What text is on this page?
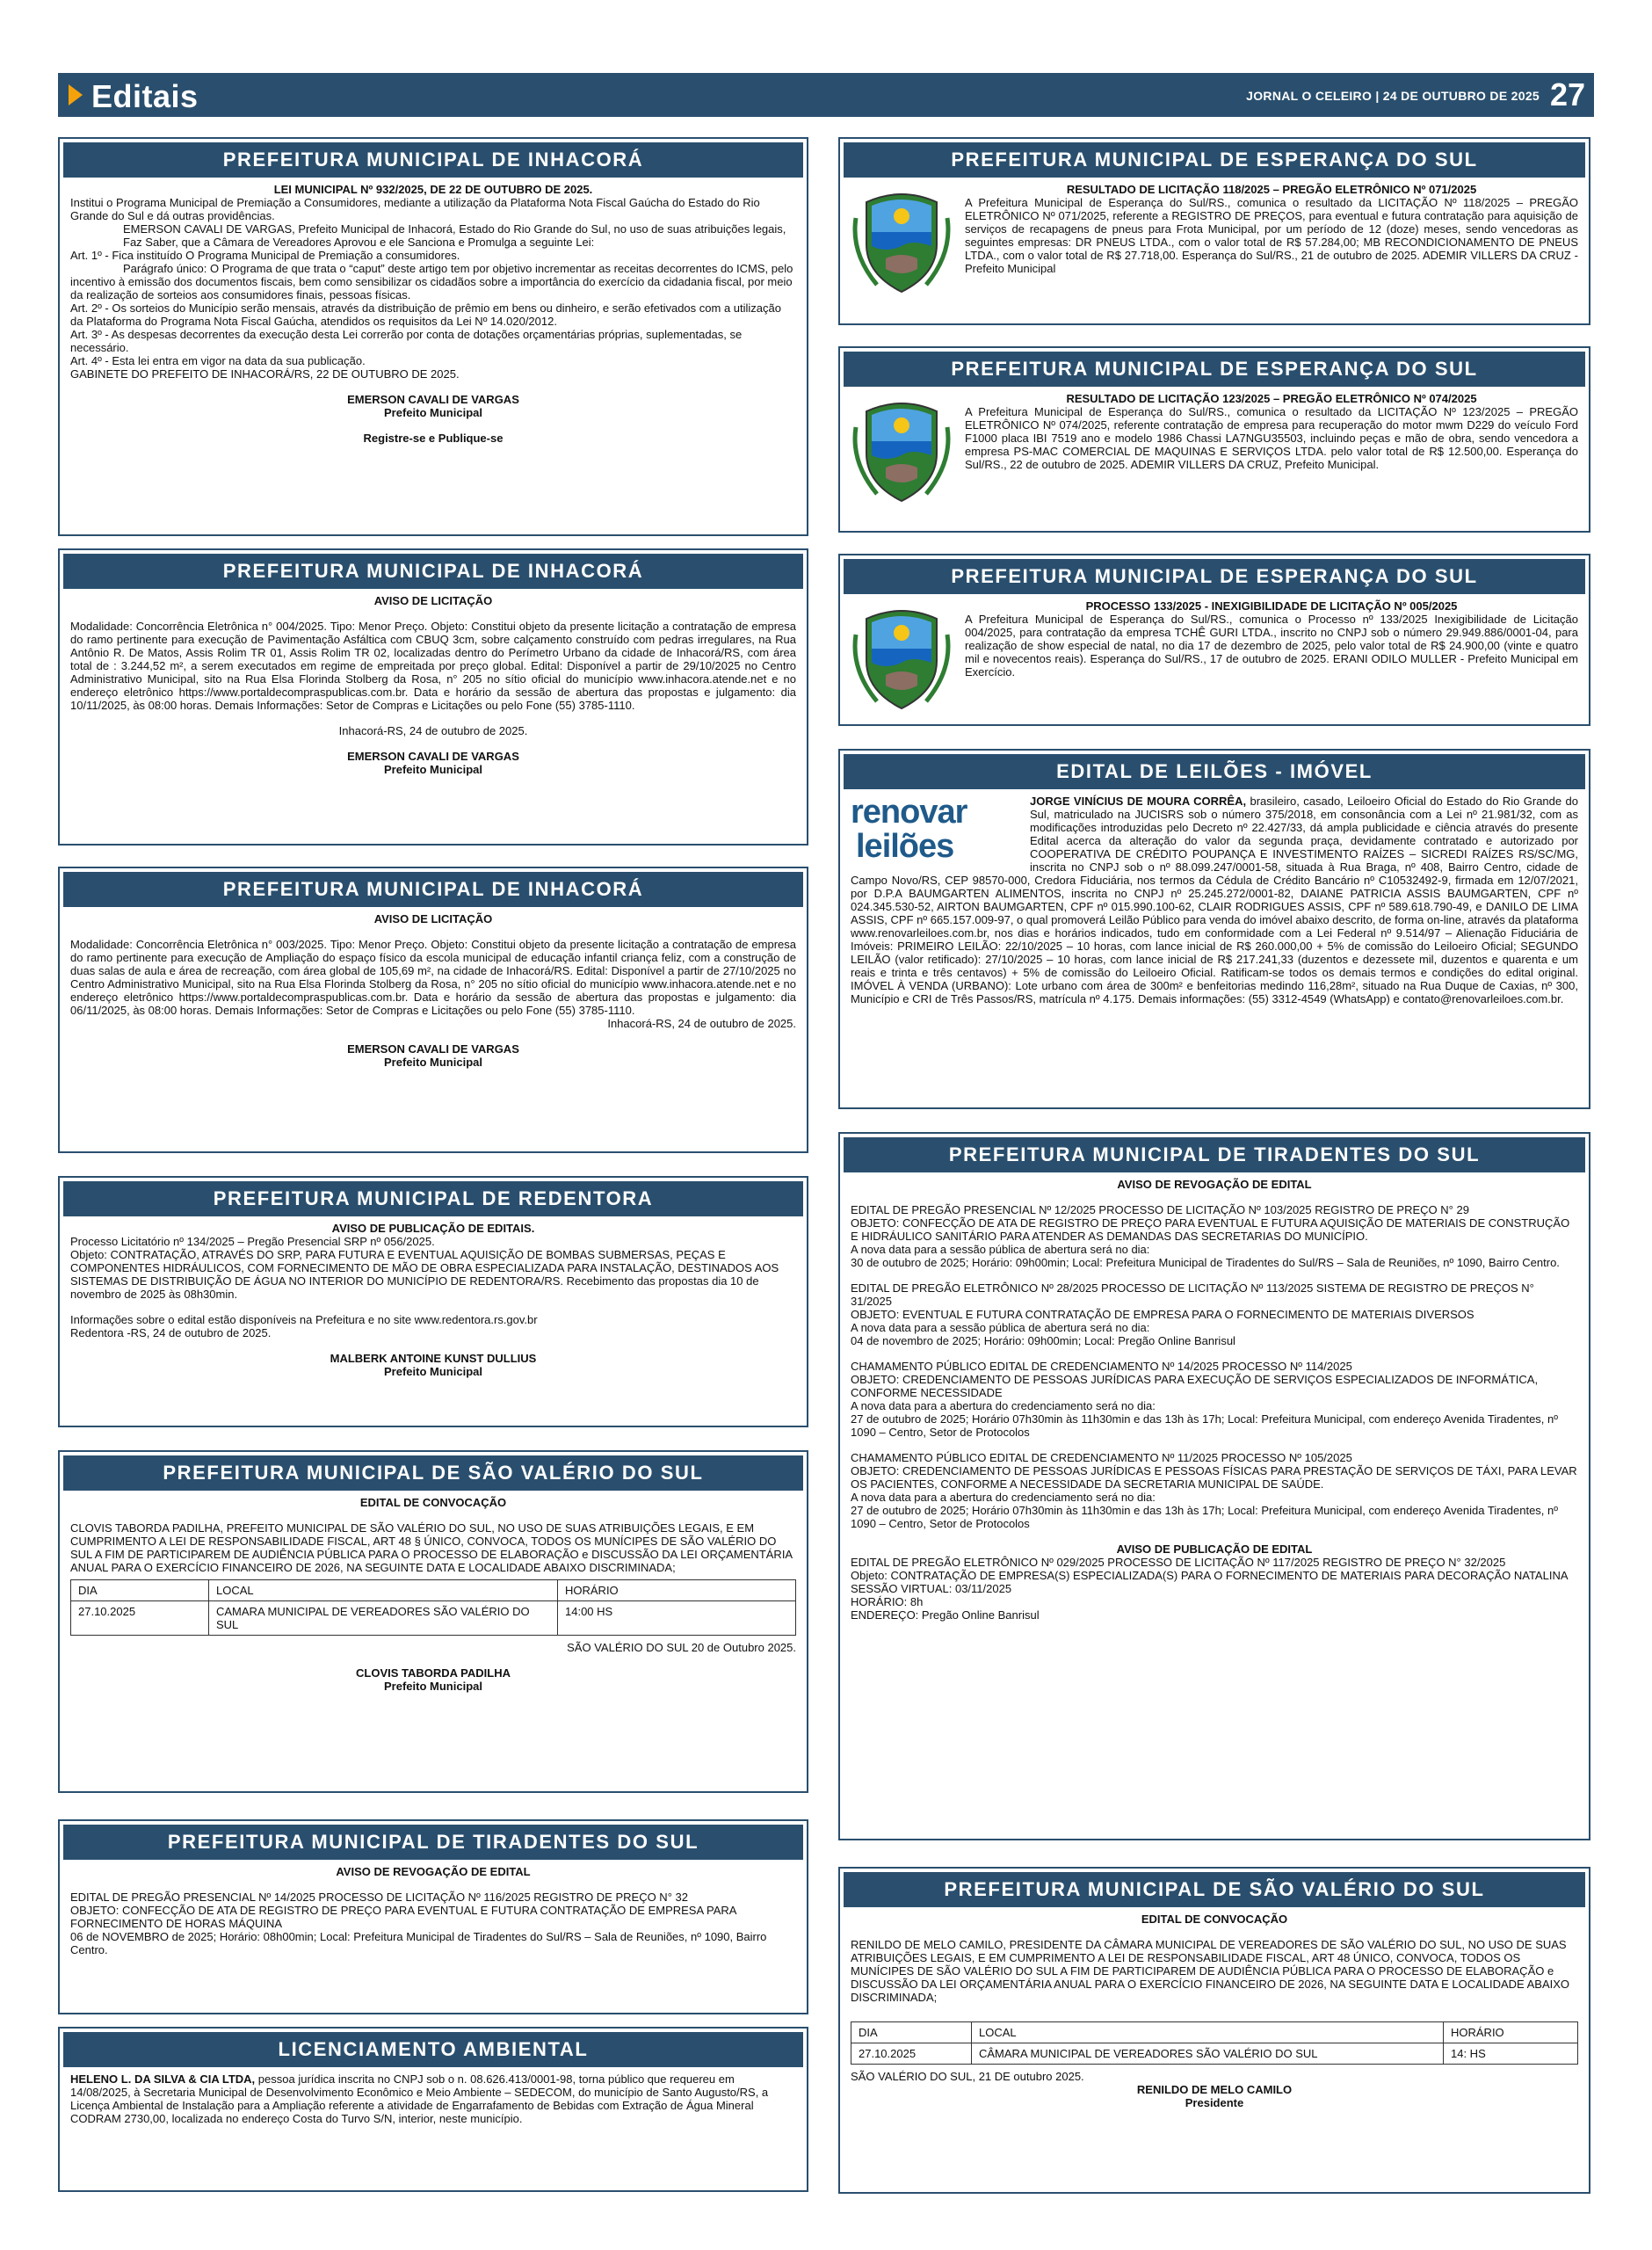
Editais	JORNAL O CELEIRO | 24 DE OUTUBRO DE 2025 27
PREFEITURA MUNICIPAL DE INHACORÁ

LEI MUNICIPAL Nº 932/2025, DE 22 DE OUTUBRO DE 2025.

Institui o Programa Municipal de Premiação a Consumidores, mediante a utilização da Plataforma Nota Fiscal Gaúcha do Estado do Rio Grande do Sul e dá outras providências.

EMERSON CAVALI DE VARGAS, Prefeito Municipal de Inhacorá, Estado do Rio Grande do Sul, no uso de suas atribuições legais,

Faz Saber, que a Câmara de Vereadores Aprovou e ele Sanciona e Promulga a seguinte Lei:

Art. 1º - Fica instituído O Programa Municipal de Premiação a consumidores.

Parágrafo único: O Programa de que trata o “caput” deste artigo tem por objetivo incrementar as receitas decorrentes do ICMS, pelo incentivo à emissão dos documentos fiscais, bem como sensibilizar os cidadãos sobre a importância do exercício da cidadania fiscal, por meio da realização de sorteios aos consumidores finais, pessoas físicas.

Art. 2º - Os sorteios do Município serão mensais, através da distribuição de prêmio em bens ou dinheiro, e serão efetivados com a utilização da Plataforma do Programa Nota Fiscal Gaúcha, atendidos os requisitos da Lei Nº 14.020/2012.

Art. 3º - As despesas decorrentes da execução desta Lei correrão por conta de dotações orçamentárias próprias, suplementadas, se necessário.

Art. 4º - Esta lei entra em vigor na data da sua publicação.

GABINETE DO PREFEITO DE INHACORÁ/RS, 22 DE OUTUBRO DE 2025.

EMERSON CAVALI DE VARGAS

Prefeito Municipal

Registre-se e Publique-se

PREFEITURA MUNICIPAL DE INHACORÁ

AVISO DE LICITAÇÃO

Modalidade: Concorrência Eletrônica n° 004/2025. Tipo: Menor Preço. Objeto: Constitui objeto da presente licitação a contratação de empresa do ramo pertinente para execução de Pavimentação Asfáltica com CBUQ 3cm, sobre calçamento construído com pedras irregulares, na Rua Antônio R. De Matos, Assis Rolim TR 01, Assis Rolim TR 02, localizadas dentro do Perímetro Urbano da cidade de Inhacorá/RS, com área total de : 3.244,52 m², a serem executados em regime de empreitada por preço global. Edital: Disponível a partir de 29/10/2025 no Centro Administrativo Municipal, sito na Rua Elsa Florinda Stolberg da Rosa, n° 205 no sítio oficial do município www.inhacora.atende.net e no endereço eletrônico https://www.portaldecompraspublicas.com.br. Data e horário da sessão de abertura das propostas e julgamento: dia 10/11/2025, às 08:00 horas. Demais Informações: Setor de Compras e Licitações ou pelo Fone (55) 3785-1110.

Inhacorá-RS, 24 de outubro de 2025.

EMERSON CAVALI DE VARGAS

Prefeito Municipal

PREFEITURA MUNICIPAL DE INHACORÁ

AVISO DE LICITAÇÃO

Modalidade: Concorrência Eletrônica n° 003/2025. Tipo: Menor Preço. Objeto: Constitui objeto da presente licitação a contratação de empresa do ramo pertinente para execução de Ampliação do espaço físico da escola municipal de educação infantil criança feliz, com a construção de duas salas de aula e área de recreação, com área global de 105,69 m², na cidade de Inhacorá/RS. Edital: Disponível a partir de 27/10/2025 no Centro Administrativo Municipal, sito na Rua Elsa Florinda Stolberg da Rosa, n° 205 no sítio oficial do município www.inhacora.atende.net e no endereço eletrônico https://www.portaldecompraspublicas.com.br. Data e horário da sessão de abertura das propostas e julgamento: dia 06/11/2025, às 08:00 horas. Demais Informações: Setor de Compras e Licitações ou pelo Fone (55) 3785-1110.

Inhacorá-RS, 24 de outubro de 2025.

EMERSON CAVALI DE VARGAS

Prefeito Municipal

PREFEITURA MUNICIPAL DE REDENTORA

AVISO DE PUBLICAÇÃO DE EDITAIS.

Processo Licitatório nº 134/2025 – Pregão Presencial SRP nº 056/2025.

Objeto: CONTRATAÇÃO, ATRAVÉS DO SRP, PARA FUTURA E EVENTUAL AQUISIÇÃO DE BOMBAS SUBMERSAS, PEÇAS E COMPONENTES HIDRÁULICOS, COM FORNECIMENTO DE MÃO DE OBRA ESPECIALIZADA PARA INSTALAÇÃO, DESTINADOS AOS SISTEMAS DE DISTRIBUIÇÃO DE ÁGUA NO INTERIOR DO MUNICÍPIO DE REDENTORA/RS. Recebimento das propostas dia 10 de novembro de 2025 às 08h30min.

Informações sobre o edital estão disponíveis na Prefeitura e no site www.redentora.rs.gov.br

Redentora -RS, 24 de outubro de 2025.

MALBERK ANTOINE KUNST DULLIUS

Prefeito Municipal

PREFEITURA MUNICIPAL DE SÃO VALÉRIO DO SUL

EDITAL DE CONVOCAÇÃO

CLOVIS TABORDA PADILHA, PREFEITO MUNICIPAL DE SÃO VALÉRIO DO SUL, NO USO DE SUAS ATRIBUIÇÕES LEGAIS, E EM CUMPRIMENTO A LEI DE RESPONSABILIDADE FISCAL, ART 48 § ÚNICO, CONVOCA, TODOS OS MUNÍCIPES DE SÃO VALÉRIO DO SUL A FIM DE PARTICIPAREM DE AUDIÊNCIA PÚBLICA PARA O PROCESSO DE ELABORAÇÃO e DISCUSSÃO DA LEI ORÇAMENTÁRIA ANUAL PARA O EXERCÍCIO FINANCEIRO DE 2026, NA SEGUINTE DATA E LOCALIDADE ABAIXO DISCRIMINADA;

DIA	LOCAL	HORÁRIO
27.10.2025	CAMARA MUNICIPAL DE VEREADORES SÃO VALÉRIO DO SUL	14:00 HS

SÃO VALÉRIO DO SUL 20 de Outubro 2025.

CLOVIS TABORDA PADILHA

Prefeito Municipal

PREFEITURA MUNICIPAL DE TIRADENTES DO SUL

AVISO DE REVOGAÇÃO DE EDITAL

EDITAL DE PREGÃO PRESENCIAL Nº 14/2025 PROCESSO DE LICITAÇÃO Nº 116/2025 REGISTRO DE PREÇO N° 32

OBJETO: CONFECÇÃO DE ATA DE REGISTRO DE PREÇO PARA EVENTUAL E FUTURA CONTRATAÇÃO DE EMPRESA PARA FORNECIMENTO DE HORAS MÁQUINA

06 de NOVEMBRO de 2025; Horário: 08h00min; Local: Prefeitura Municipal de Tiradentes do Sul/RS – Sala de Reuniões, nº 1090, Bairro Centro.

LICENCIAMENTO AMBIENTAL

HELENO L. DA SILVA & CIA LTDA, pessoa jurídica inscrita no CNPJ sob o n. 08.626.413/0001-98, torna público que requereu em 14/08/2025, à Secretaria Municipal de Desenvolvimento Econômico e Meio Ambiente – SEDECOM, do município de Santo Augusto/RS, a Licença Ambiental de Instalação para a Ampliação referente a atividade de Engarrafamento de Bebidas com Extração de Água Mineral CODRAM 2730,00, localizada no endereço Costa do Turvo S/N, interior, neste município.

PREFEITURA MUNICIPAL DE ESPERANÇA DO SUL

RESULTADO DE LICITAÇÃO 118/2025 – PREGÃO ELETRÔNICO Nº 071/2025

A Prefeitura Municipal de Esperança do Sul/RS., comunica o resultado da LICITAÇÃO Nº 118/2025 – PREGÃO ELETRÔNICO Nº 071/2025, referente a REGISTRO DE PREÇOS, para eventual e futura contratação para aquisição de serviços de recapagens de pneus para Frota Municipal, por um período de 12 (doze) meses, sendo vencedoras as seguintes empresas: DR PNEUS LTDA., com o valor total de R$ 57.284,00; MB RECONDICIONAMENTO DE PNEUS LTDA., com o valor total de R$ 27.718,00. Esperança do Sul/RS., 21 de outubro de 2025. ADEMIR VILLERS DA CRUZ - Prefeito Municipal

PREFEITURA MUNICIPAL DE ESPERANÇA DO SUL

RESULTADO DE LICITAÇÃO 123/2025 – PREGÃO ELETRÔNICO Nº 074/2025

A Prefeitura Municipal de Esperança do Sul/RS., comunica o resultado da LICITAÇÃO Nº 123/2025 – PREGÃO ELETRÔNICO Nº 074/2025, referente contratação de empresa para recuperação do motor mwm D229 do veículo Ford F1000 placa IBI 7519 ano e modelo 1986 Chassi LA7NGU35503, incluindo peças e mão de obra, sendo vencedora a empresa PS-MAC COMERCIAL DE MAQUINAS E SERVIÇOS LTDA. pelo valor total de R$ 12.500,00. Esperança do Sul/RS., 22 de outubro de 2025. ADEMIR VILLERS DA CRUZ, Prefeito Municipal.

PREFEITURA MUNICIPAL DE ESPERANÇA DO SUL

PROCESSO 133/2025 - INEXIGIBILIDADE DE LICITAÇÃO Nº 005/2025

A Prefeitura Municipal de Esperança do Sul/RS., comunica o Processo nº 133/2025 Inexigibilidade de Licitação 004/2025, para contratação da empresa TCHÊ GURI LTDA., inscrito no CNPJ sob o número 29.949.886/0001-04, para realização de show especial de natal, no dia 17 de dezembro de 2025, pelo valor total de R$ 24.900,00 (vinte e quatro mil e novecentos reais). Esperança do Sul/RS., 17 de outubro de 2025. ERANI ODILO MULLER - Prefeito Municipal em Exercício.

EDITAL DE LEILÕES - IMÓVEL
renovar
leilões
JORGE VINÍCIUS DE MOURA CORRÊA, brasileiro, casado, Leiloeiro Oficial do Estado do Rio Grande do Sul, matriculado na JUCISRS sob o número 375/2018, em consonância com a Lei nº 21.981/32, com as modificações introduzidas pelo Decreto nº 22.427/33, dá ampla publicidade e ciência através do presente Edital acerca da alteração do valor da segunda praça, devidamente contratado e autorizado por COOPERATIVA DE CRÉDITO POUPANÇA E INVESTIMENTO RAÍZES – SICREDI RAÍZES RS/SC/MG, inscrita no CNPJ sob o nº 88.099.247/0001-58, situada à Rua Braga, nº 408, Bairro Centro, cidade de Campo Novo/RS, CEP 98570-000, Credora Fiduciária, nos termos da Cédula de Crédito Bancário nº C10532492-9, firmada em 12/07/2021, por D.P.A BAUMGARTEN ALIMENTOS, inscrita no CNPJ nº 25.245.272/0001-82, DAIANE PATRICIA ASSIS BAUMGARTEN, CPF nº 024.345.530-52, AIRTON BAUMGARTEN, CPF nº 015.990.100-62, CLAIR RODRIGUES ASSIS, CPF nº 589.618.790-49, e DANILO DE LIMA ASSIS, CPF nº 665.157.009-97, o qual promoverá Leilão Público para venda do imóvel abaixo descrito, de forma on-line, através da plataforma www.renovarleiloes.com.br, nos dias e horários indicados, tudo em conformidade com a Lei Federal nº 9.514/97 – Alienação Fiduciária de Imóveis: PRIMEIRO LEILÃO: 22/10/2025 – 10 horas, com lance inicial de R$ 260.000,00 + 5% de comissão do Leiloeiro Oficial; SEGUNDO LEILÃO (valor retificado): 27/10/2025 – 10 horas, com lance inicial de R$ 217.241,33 (duzentos e dezessete mil, duzentos e quarenta e um reais e trinta e três centavos) + 5% de comissão do Leiloeiro Oficial. Ratificam-se todos os demais termos e condições do edital original. IMÓVEL À VENDA (URBANO): Lote urbano com área de 300m² e benfeitorias medindo 116,28m², situado na Rua Duque de Caxias, nº 300, Município e CRI de Três Passos/RS, matrícula nº 4.175. Demais informações: (55) 3312-4549 (WhatsApp) e contato@renovarleiloes.com.br.
PREFEITURA MUNICIPAL DE TIRADENTES DO SUL

AVISO DE REVOGAÇÃO DE EDITAL

EDITAL DE PREGÃO PRESENCIAL Nº 12/2025 PROCESSO DE LICITAÇÃO Nº 103/2025 REGISTRO DE PREÇO N° 29

OBJETO: CONFECÇÃO DE ATA DE REGISTRO DE PREÇO PARA EVENTUAL E FUTURA AQUISIÇÃO DE MATERIAIS DE CONSTRUÇÃO E HIDRÁULICO SANITÁRIO PARA ATENDER AS DEMANDAS DAS SECRETARIAS DO MUNICÍPIO.

A nova data para a sessão pública de abertura será no dia:

30 de outubro de 2025; Horário: 09h00min; Local: Prefeitura Municipal de Tiradentes do Sul/RS – Sala de Reuniões, nº 1090, Bairro Centro.

EDITAL DE PREGÃO ELETRÔNICO Nº 28/2025 PROCESSO DE LICITAÇÃO Nº 113/2025 SISTEMA DE REGISTRO DE PREÇOS N° 31/2025

OBJETO: EVENTUAL E FUTURA CONTRATAÇÃO DE EMPRESA PARA O FORNECIMENTO DE MATERIAIS DIVERSOS

A nova data para a sessão pública de abertura será no dia:

04 de novembro de 2025; Horário: 09h00min; Local: Pregão Online Banrisul

CHAMAMENTO PÚBLICO EDITAL DE CREDENCIAMENTO Nº 14/2025 PROCESSO Nº 114/2025

OBJETO: CREDENCIAMENTO DE PESSOAS JURÍDICAS PARA EXECUÇÃO DE SERVIÇOS ESPECIALIZADOS DE INFORMÁTICA, CONFORME NECESSIDADE

A nova data para a abertura do credenciamento será no dia:

27 de outubro de 2025; Horário 07h30min às 11h30min e das 13h às 17h; Local: Prefeitura Municipal, com endereço Avenida Tiradentes, nº 1090 – Centro, Setor de Protocolos

CHAMAMENTO PÚBLICO EDITAL DE CREDENCIAMENTO Nº 11/2025 PROCESSO Nº 105/2025

OBJETO: CREDENCIAMENTO DE PESSOAS JURÍDICAS E PESSOAS FÍSICAS PARA PRESTAÇÃO DE SERVIÇOS DE TÁXI, PARA LEVAR OS PACIENTES, CONFORME A NECESSIDADE DA SECRETARIA MUNICIPAL DE SAÚDE.

A nova data para a abertura do credenciamento será no dia:

27 de outubro de 2025; Horário 07h30min às 11h30min e das 13h às 17h; Local: Prefeitura Municipal, com endereço Avenida Tiradentes, nº 1090 – Centro, Setor de Protocolos

AVISO DE PUBLICAÇÃO DE EDITAL

EDITAL DE PREGÃO ELETRÔNICO Nº 029/2025 PROCESSO DE LICITAÇÃO Nº 117/2025 REGISTRO DE PREÇO N° 32/2025

Objeto: CONTRATAÇÃO DE EMPRESA(S) ESPECIALIZADA(S) PARA O FORNECIMENTO DE MATERIAIS PARA DECORAÇÃO NATALINA

SESSÃO VIRTUAL: 03/11/2025

HORÁRIO: 8h

ENDEREÇO: Pregão Online Banrisul

PREFEITURA MUNICIPAL DE SÃO VALÉRIO DO SUL

EDITAL DE CONVOCAÇÃO

RENILDO DE MELO CAMILO, PRESIDENTE DA CÂMARA MUNICIPAL DE VEREADORES DE SÃO VALÉRIO DO SUL, NO USO DE SUAS ATRIBUIÇÕES LEGAIS, E EM CUMPRIMENTO A LEI DE RESPONSABILIDADE FISCAL, ART 48 ÚNICO, CONVOCA, TODOS OS MUNÍCIPES DE SÃO VALÉRIO DO SUL A FIM DE PARTICIPAREM DE AUDIÊNCIA PÚBLICA PARA O PROCESSO DE ELABORAÇÃO e DISCUSSÃO DA LEI ORÇAMENTÁRIA ANUAL PARA O EXERCÍCIO FINANCEIRO DE 2026, NA SEGUINTE DATA E LOCALIDADE ABAIXO DISCRIMINADA;

DIA	LOCAL	HORÁRIO
27.10.2025	CÂMARA MUNICIPAL DE VEREADORES SÃO VALÉRIO DO SUL	14: HS

SÃO VALÉRIO DO SUL, 21 DE outubro 2025.

RENILDO DE MELO CAMILO

Presidente
